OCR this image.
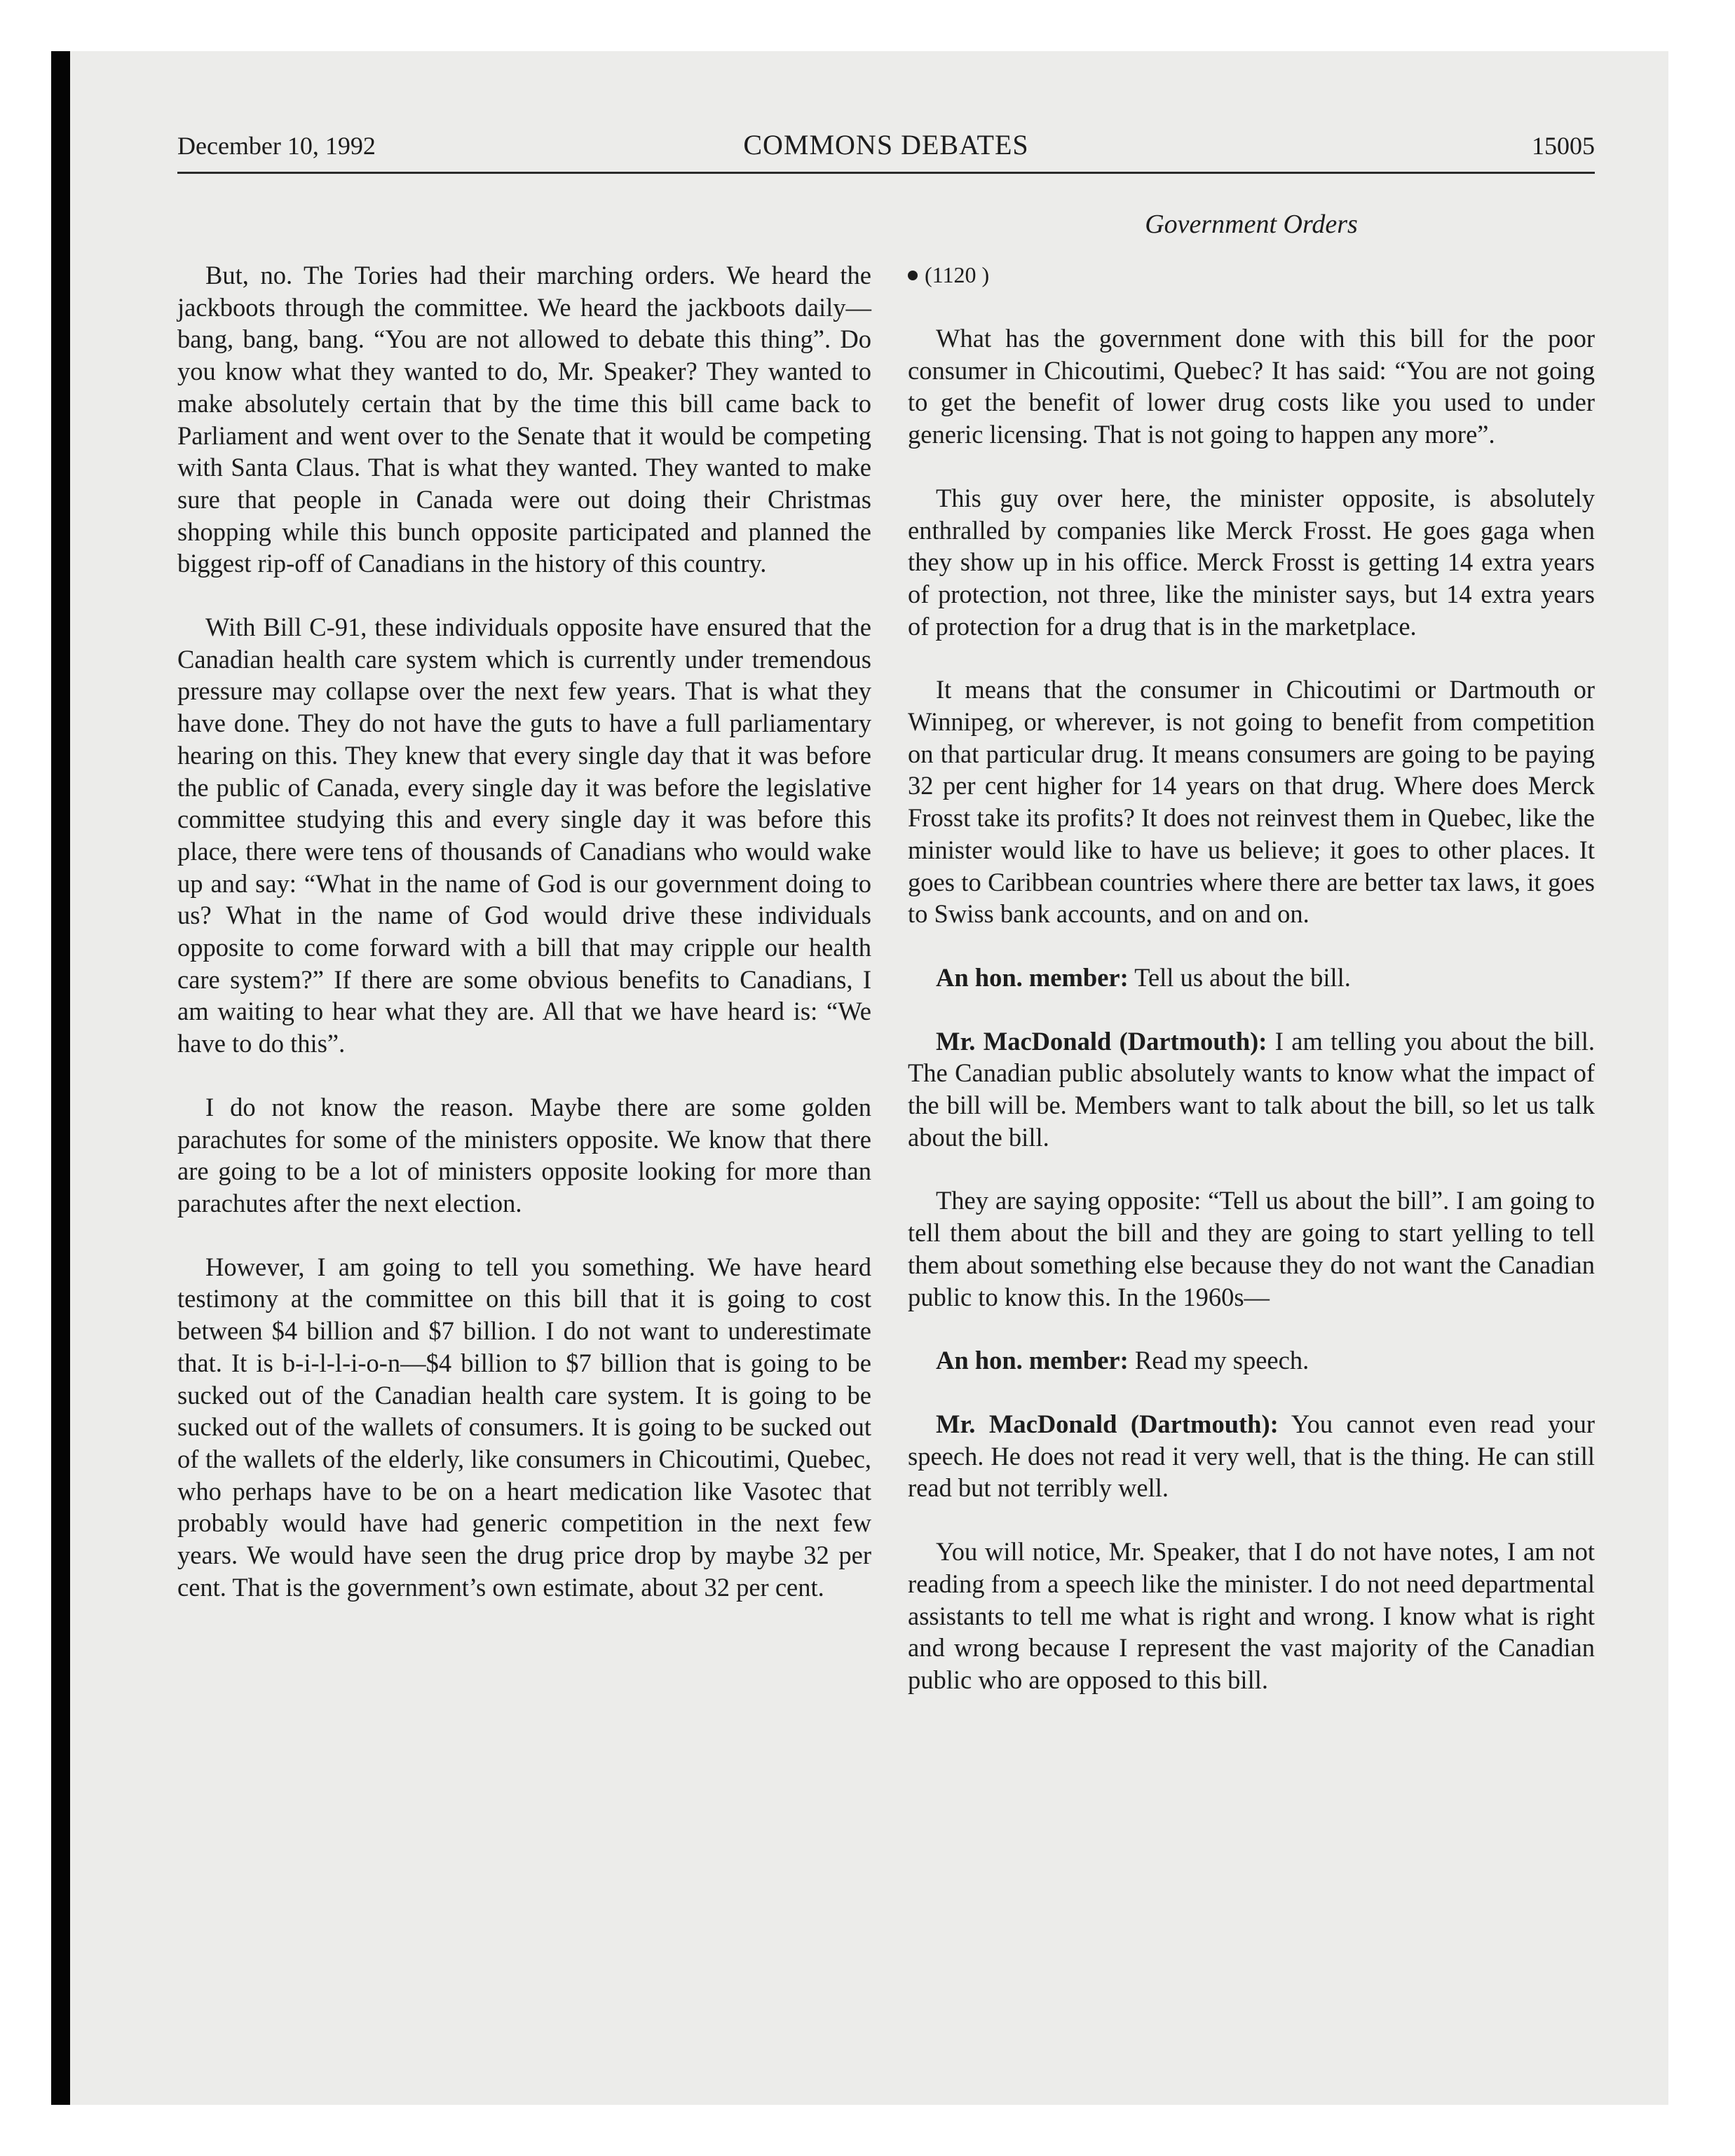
December 10, 1992	COMMONS DEBATES	15005
Government Orders

But, no. The Tories had their marching orders. We heard the jackboots through the committee. We heard the jackboots daily—bang, bang, bang. “You are not allowed to debate this thing”. Do you know what they wanted to do, Mr. Speaker? They wanted to make absolutely certain that by the time this bill came back to Parliament and went over to the Senate that it would be competing with Santa Claus. That is what they wanted. They wanted to make sure that people in Canada were out doing their Christmas shopping while this bunch opposite participated and planned the biggest rip-off of Canadians in the history of this country.

With Bill C-91, these individuals opposite have ensured that the Canadian health care system which is currently under tremendous pressure may collapse over the next few years. That is what they have done. They do not have the guts to have a full parliamentary hearing on this. They knew that every single day that it was before the public of Canada, every single day it was before the legislative committee studying this and every single day it was before this place, there were tens of thousands of Canadians who would wake up and say: “What in the name of God is our government doing to us? What in the name of God would drive these individuals opposite to come forward with a bill that may cripple our health care system?” If there are some obvious benefits to Canadians, I am waiting to hear what they are. All that we have heard is: “We have to do this”.

I do not know the reason. Maybe there are some golden parachutes for some of the ministers opposite. We know that there are going to be a lot of ministers opposite looking for more than parachutes after the next election.

However, I am going to tell you something. We have heard testimony at the committee on this bill that it is going to cost between $4 billion and $7 billion. I do not want to underestimate that. It is b-i-l-l-i-o-n—$4 billion to $7 billion that is going to be sucked out of the Canadian health care system. It is going to be sucked out of the wallets of consumers. It is going to be sucked out of the wallets of the elderly, like consumers in Chicoutimi, Quebec, who perhaps have to be on a heart medication like Vasotec that probably would have had generic competition in the next few years. We would have seen the drug price drop by maybe 32 per cent. That is the government’s own estimate, about 32 per cent.

(1120 )

What has the government done with this bill for the poor consumer in Chicoutimi, Quebec? It has said: “You are not going to get the benefit of lower drug costs like you used to under generic licensing. That is not going to happen any more”.

This guy over here, the minister opposite, is absolutely enthralled by companies like Merck Frosst. He goes gaga when they show up in his office. Merck Frosst is getting 14 extra years of protection, not three, like the minister says, but 14 extra years of protection for a drug that is in the marketplace.

It means that the consumer in Chicoutimi or Dartmouth or Winnipeg, or wherever, is not going to benefit from competition on that particular drug. It means consumers are going to be paying 32 per cent higher for 14 years on that drug. Where does Merck Frosst take its profits? It does not reinvest them in Quebec, like the minister would like to have us believe; it goes to other places. It goes to Caribbean countries where there are better tax laws, it goes to Swiss bank accounts, and on and on.

An hon. member: Tell us about the bill.

Mr. MacDonald (Dartmouth): I am telling you about the bill. The Canadian public absolutely wants to know what the impact of the bill will be. Members want to talk about the bill, so let us talk about the bill.

They are saying opposite: “Tell us about the bill”. I am going to tell them about the bill and they are going to start yelling to tell them about something else because they do not want the Canadian public to know this. In the 1960s—

An hon. member: Read my speech.

Mr. MacDonald (Dartmouth): You cannot even read your speech. He does not read it very well, that is the thing. He can still read but not terribly well.

You will notice, Mr. Speaker, that I do not have notes, I am not reading from a speech like the minister. I do not need departmental assistants to tell me what is right and wrong. I know what is right and wrong because I represent the vast majority of the Canadian public who are opposed to this bill.
